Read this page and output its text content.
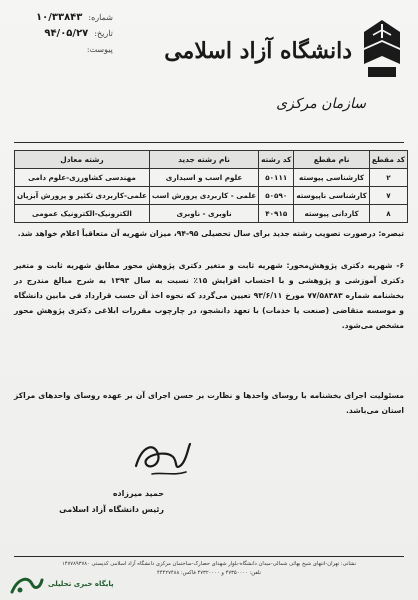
شماره:
۱۰/۳۳۸۴۳
تاریخ:
۹۴/۰۵/۲۷
پیوست: دانشگاه آزاد اسلامی
سازمان مرکزی
کد مقطع	نام مقطع	کد رشته	نام رشته جدید	رشته معادل
۲	کارشناسی پیوسته	۵۰۱۱۱	علوم اسب و اسبداری	مهندسی کشاورزی-علوم دامی
۷	کارشناسی ناپیوسته	۵۰۵۹۰	علمی - کاربردی پرورش اسب	علمی-کاربردی تکثیر و پرورش آبزیان
۸	کاردانی پیوسته	۴۰۹۱۵	ناوبری - ناوبری	الکترونیک-الکترونیک عمومی
تبصره: درصورت تصویب رشته جدید برای سال تحصیلی ۹۵-۹۴، میزان شهریه آن متعاقباً اعلام خواهد شد.
۶- شهریه دکتری پژوهش‌محور: شهریه ثابت و متغیر دکتری پژوهش محور مطابق شهریه ثابت و متغیر دکتری آموزشی و پژوهشی و با احتساب افزایش ۱۵٪ نسبت به سال ۱۳۹۳ به شرح مبالغ مندرج در بخشنامه شماره ۷۷/۵۸۳۸۳ مورخ ۹۳/۶/۱۱ تعیین می‌گردد که نحوه اخذ آن حسب قرارداد فی مابین دانشگاه و موسسه متقاضی (صنعت یا خدمات) با تعهد دانشجو، در چارچوب مقررات ابلاغی دکتری پژوهش محور مشخص می‌شود.
مسئولیت اجرای بخشنامه با روسای واحدها و نظارت بر حسن اجرای آن بر عهده روسای واحدهای مراکز استان می‌باشد.
حمید میرزاده
رئیس دانشگاه آزاد اسلامی
نشانی: تهران-انتهای شیخ بهائی شمالی-میدان دانشگاه-بلوار شهدای حصارک-ساختمان مرکزی دانشگاه آزاد اسلامی کدپستی ۱۴۷۷۸۹۳۷۸۰
تلفن: ۴۷۳۵۰۰۰۰ و ۴۷۳۲۰۰۰۰ فاکس: ۴۴۴۲۷۴۸۸
پایگاه خبری تحلیلی
